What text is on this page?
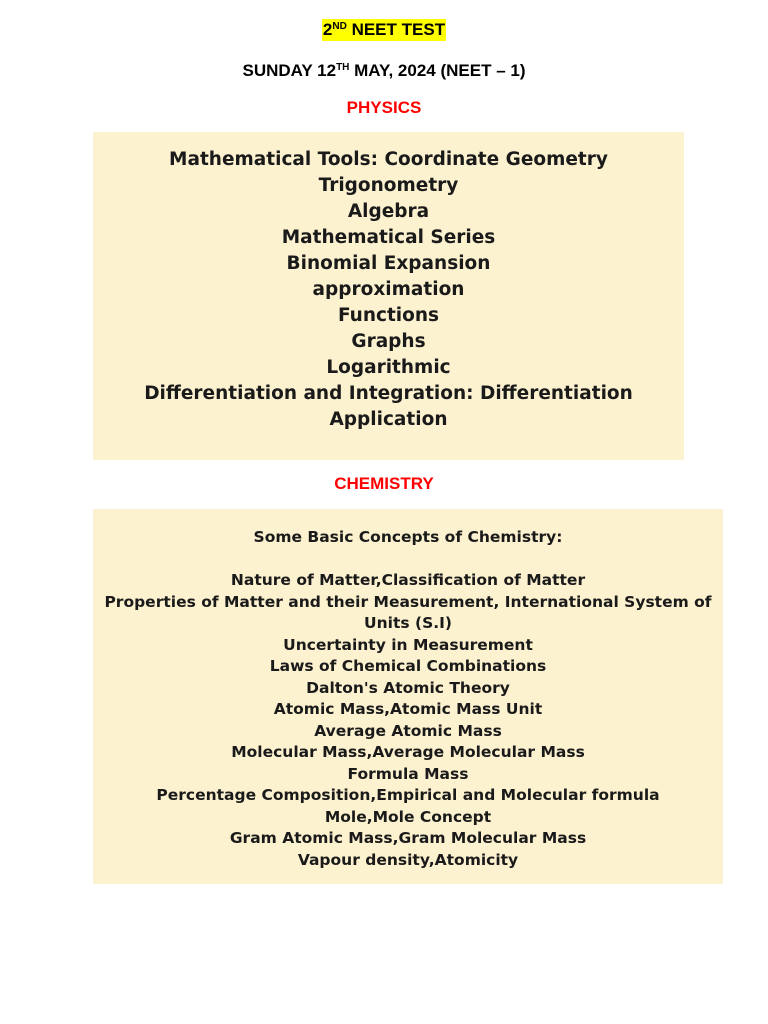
2ND NEET TEST
SUNDAY 12TH MAY, 2024 (NEET – 1)
PHYSICS
Mathematical Tools: Coordinate Geometry
Trigonometry
Algebra
Mathematical Series
Binomial Expansion
approximation
Functions
Graphs
Logarithmic
Differentiation and Integration: Differentiation
Application
CHEMISTRY
Some Basic Concepts of Chemistry:
Nature of Matter,Classification of Matter
Properties of Matter and their Measurement, International System of
Units (S.I)
Uncertainty in Measurement
Laws of Chemical Combinations
Dalton's Atomic Theory
Atomic Mass,Atomic Mass Unit
Average Atomic Mass
Molecular Mass,Average Molecular Mass
Formula Mass
Percentage Composition,Empirical and Molecular formula
Mole,Mole Concept
Gram Atomic Mass,Gram Molecular Mass
Vapour density,Atomicity
